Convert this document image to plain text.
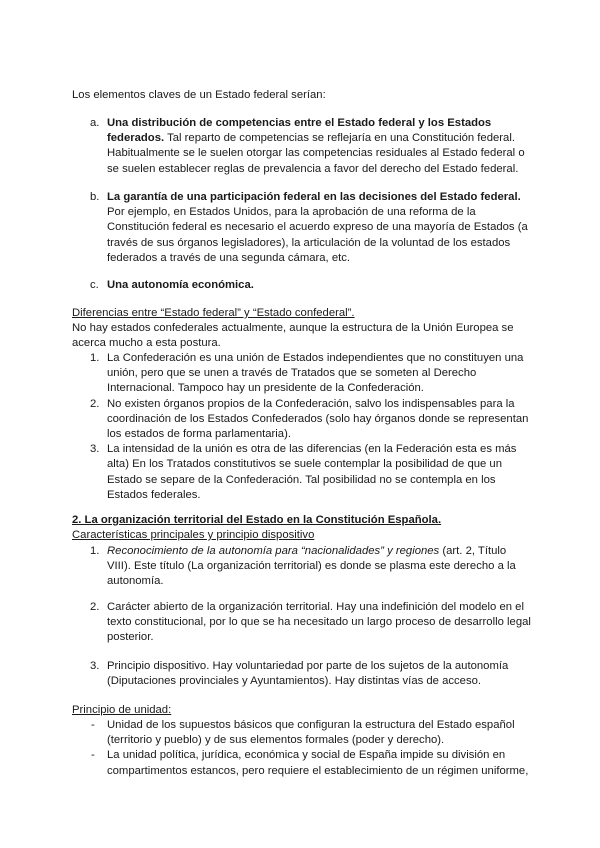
Los elementos claves de un Estado federal serían:
a. Una distribución de competencias entre el Estado federal y los Estados federados. Tal reparto de competencias se reflejaría en una Constitución federal. Habitualmente se le suelen otorgar las competencias residuales al Estado federal o se suelen establecer reglas de prevalencia a favor del derecho del Estado federal.
b. La garantía de una participación federal en las decisiones del Estado federal. Por ejemplo, en Estados Unidos, para la aprobación de una reforma de la Constitución federal es necesario el acuerdo expreso de una mayoría de Estados (a través de sus órganos legisladores), la articulación de la voluntad de los estados federados a través de una segunda cámara, etc.
c. Una autonomía económica.
Diferencias entre “Estado federal” y “Estado confederal”.
No hay estados confederales actualmente, aunque la estructura de la Unión Europea se acerca mucho a esta postura.
1. La Confederación es una unión de Estados independientes que no constituyen una unión, pero que se unen a través de Tratados que se someten al Derecho Internacional. Tampoco hay un presidente de la Confederación.
2. No existen órganos propios de la Confederación, salvo los indispensables para la coordinación de los Estados Confederados (solo hay órganos donde se representan los estados de forma parlamentaria).
3. La intensidad de la unión es otra de las diferencias (en la Federación esta es más alta) En los Tratados constitutivos se suele contemplar la posibilidad de que un Estado se separe de la Confederación. Tal posibilidad no se contempla en los Estados federales.
2. La organización territorial del Estado en la Constitución Española.
Características principales y principio dispositivo
1. Reconocimiento de la autonomía para “nacionalidades” y regiones (art. 2, Título VIII). Este título (La organización territorial) es donde se plasma este derecho a la autonomía.
2. Carácter abierto de la organización territorial. Hay una indefinición del modelo en el texto constitucional, por lo que se ha necesitado un largo proceso de desarrollo legal posterior.
3. Principio dispositivo. Hay voluntariedad por parte de los sujetos de la autonomía (Diputaciones provinciales y Ayuntamientos). Hay distintas vías de acceso.
Principio de unidad:
- Unidad de los supuestos básicos que configuran la estructura del Estado español (territorio y pueblo) y de sus elementos formales (poder y derecho).
- La unidad política, jurídica, económica y social de España impide su división en compartimentos estancos, pero requiere el establecimiento de un régimen uniforme,
